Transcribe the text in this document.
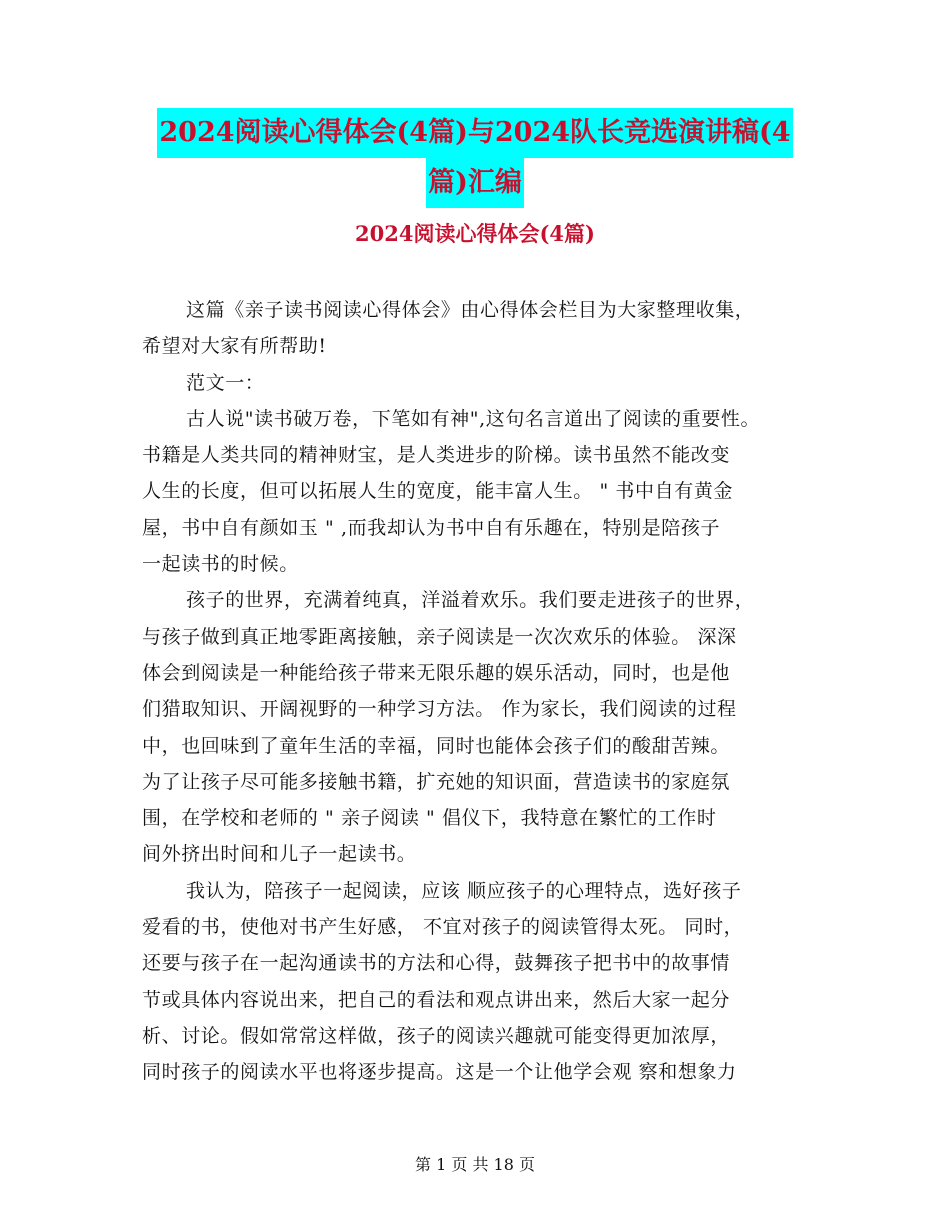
2024阅读心得体会(4篇)与2024队长竞选演讲稿(4
篇)汇编
2024阅读心得体会(4篇)
这篇《亲子读书阅读心得体会》由心得体会栏目为大家整理收集，
希望对大家有所帮助!
范文一：
古人说"读书破万卷，下笔如有神",这句名言道出了阅读的重要性。
书籍是人类共同的精神财宝，是人类进步的阶梯。读书虽然不能改变
人生的长度，但可以拓展人生的宽度，能丰富人生。 " 书中自有黄金
屋，书中自有颜如玉 " ,而我却认为书中自有乐趣在，特别是陪孩子
一起读书的时候。
孩子的世界，充满着纯真，洋溢着欢乐。我们要走进孩子的世界，
与孩子做到真正地零距离接触，亲子阅读是一次次欢乐的体验。 深深
体会到阅读是一种能给孩子带来无限乐趣的娱乐活动，同时，也是他
们猎取知识、开阔视野的一种学习方法。 作为家长，我们阅读的过程
中，也回味到了童年生活的幸福，同时也能体会孩子们的酸甜苦辣。
为了让孩子尽可能多接触书籍，扩充她的知识面，营造读书的家庭氛
围，在学校和老师的 " 亲子阅读 " 倡仪下，我特意在繁忙的工作时
间外挤出时间和儿子一起读书。
我认为，陪孩子一起阅读，应该 顺应孩子的心理特点，选好孩子
爱看的书，使他对书产生好感， 不宜对孩子的阅读管得太死。 同时，
还要与孩子在一起沟通读书的方法和心得，鼓舞孩子把书中的故事情
节或具体内容说出来，把自己的看法和观点讲出来，然后大家一起分
析、讨论。假如常常这样做，孩子的阅读兴趣就可能变得更加浓厚，
同时孩子的阅读水平也将逐步提高。这是一个让他学会观 察和想象力
第 1 页 共 18 页
